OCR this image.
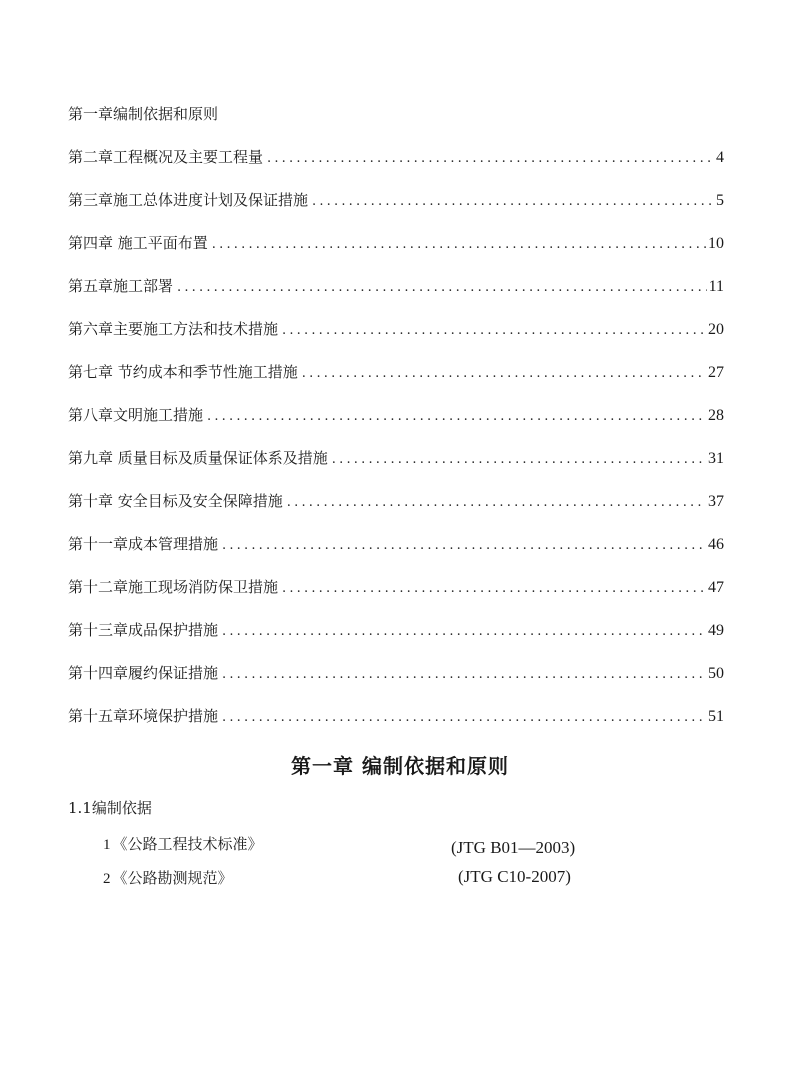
第一章编制依据和原则
第二章工程概况及主要工程量 .....	4
第三章施工总体进度计划及保证措施 .....	5
第四章 施工平面布置 .....	10
第五章施工部署 .....	11
第六章主要施工方法和技术措施 .....	20
第七章 节约成本和季节性施工措施 .....	27
第八章文明施工措施 .....	28
第九章 质量目标及质量保证体系及措施 .....	31
第十章 安全目标及安全保障措施 .....	37
第十一章成本管理措施 .....	46
第十二章施工现场消防保卫措施 .....	47
第十三章成品保护措施 .....	49
第十四章履约保证措施 .....	50
第十五章环境保护措施 .....	51
第一章 编制依据和原则
1.1编制依据
1 《公路工程技术标准》	(JTG B01—2003)
2 《公路勘测规范》	(JTG C10-2007)
